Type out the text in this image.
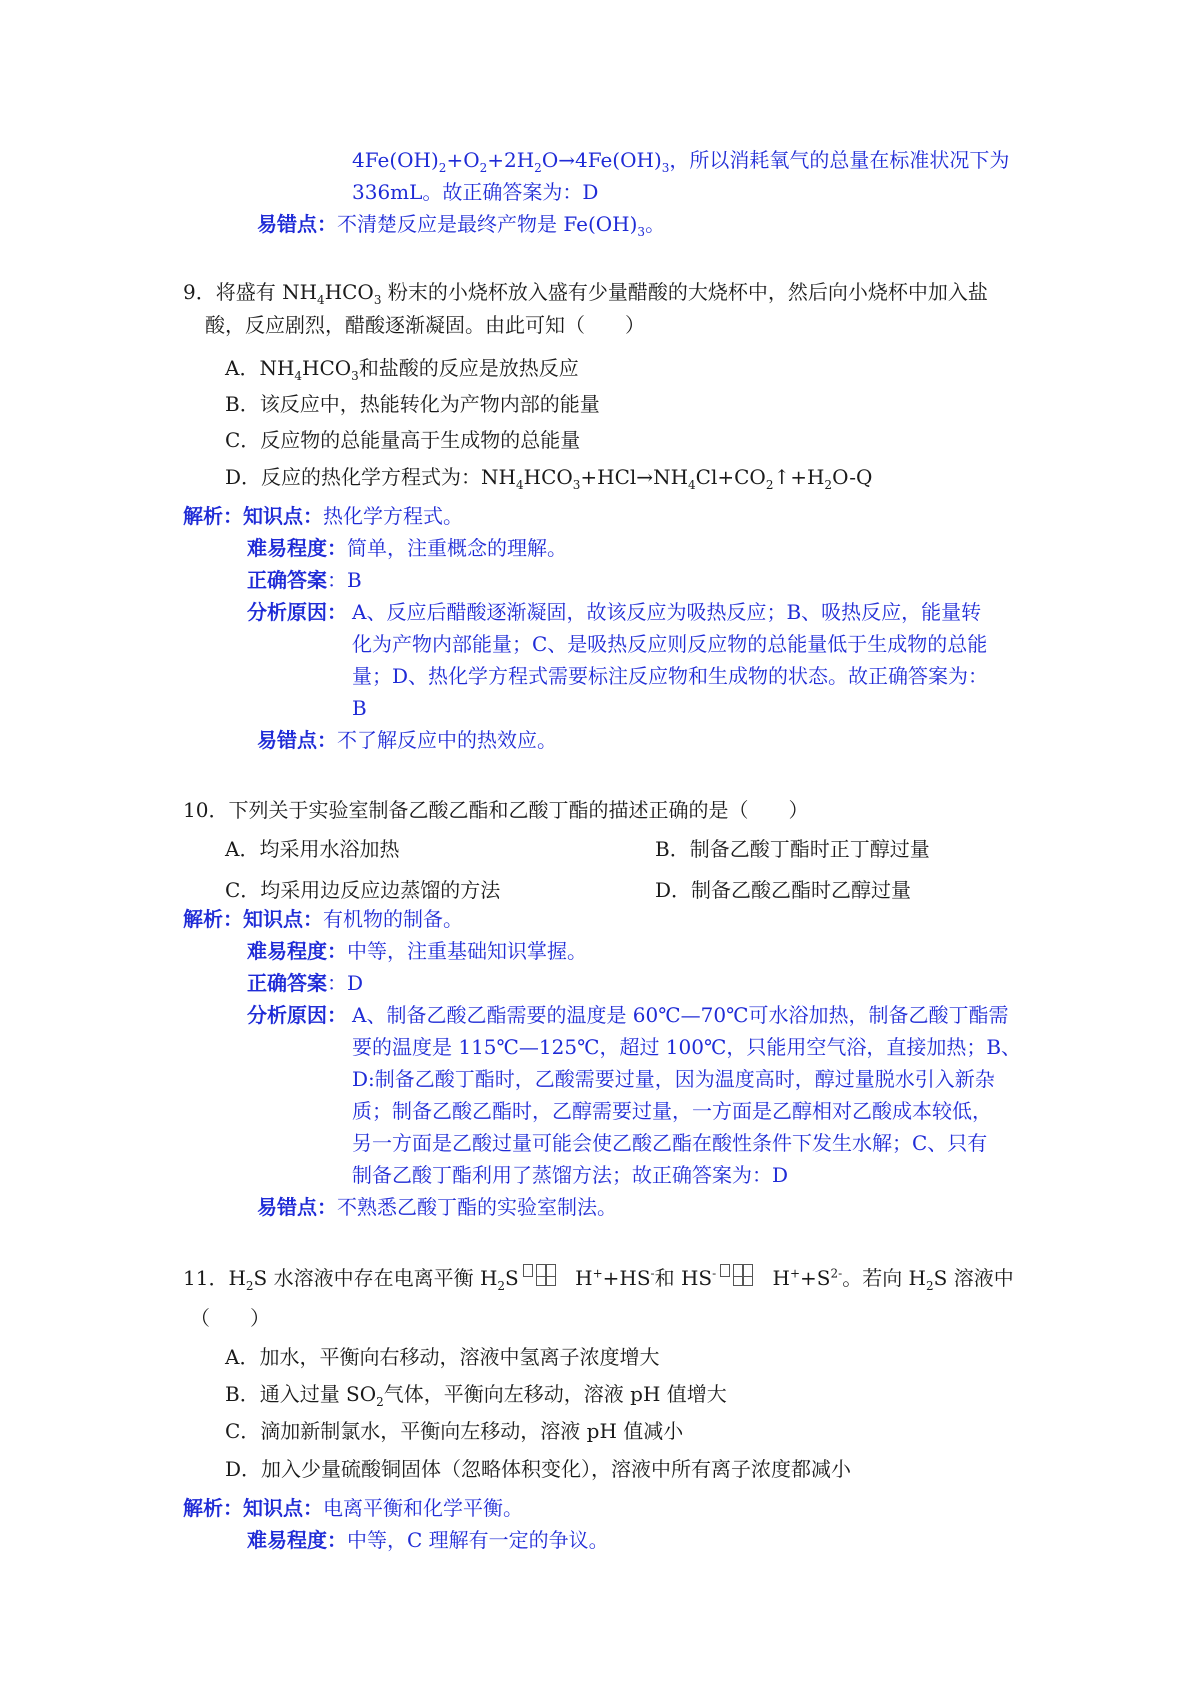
$4Fe(OH)_2+O_2+2H_2O\to 4Fe(OH)_3$，所以消耗氧气的总量在标准状况下为
336mL。故正确答案为：D
易错点：不清楚反应是最终产物是 $Fe(OH)_3$。
9．将盛有 $NH_4HCO_3$ 粉末的小烧杯放入盛有少量醋酸的大烧杯中，然后向小烧杯中加入盐
酸，反应剧烈，醋酸逐渐凝固。由此可知（　　）
A．$NH_4HCO_3$和盐酸的反应是放热反应
B．该反应中，热能转化为产物内部的能量
C．反应物的总能量高于生成物的总能量
D．反应的热化学方程式为：$NH_4HCO_3+HCl\to NH_4Cl+CO_2↑+H_2O-Q$
解析：知识点：热化学方程式。
难易程度：简单，注重概念的理解。
正确答案：B
分析原因： A、反应后醋酸逐渐凝固，故该反应为吸热反应；B、吸热反应，能量转
化为产物内部能量；C、是吸热反应则反应物的总能量低于生成物的总能
量；D、热化学方程式需要标注反应物和生成物的状态。故正确答案为：
B
易错点：不了解反应中的热效应。
10．下列关于实验室制备乙酸乙酯和乙酸丁酯的描述正确的是（　　）
A．均采用水浴加热	B．制备乙酸丁酯时正丁醇过量
C．均采用边反应边蒸馏的方法	D．制备乙酸乙酯时乙醇过量
解析：知识点：有机物的制备。
难易程度：中等，注重基础知识掌握。
正确答案：D
分析原因： A、制备乙酸乙酯需要的温度是 60℃—70℃可水浴加热，制备乙酸丁酯需
要的温度是 115℃—125℃，超过 100℃，只能用空气浴，直接加热；B、
D:制备乙酸丁酯时，乙酸需要过量，因为温度高时，醇过量脱水引入新杂
质；制备乙酸乙酯时，乙醇需要过量，一方面是乙醇相对乙酸成本较低，
另一方面是乙酸过量可能会使乙酸乙酯在酸性条件下发生水解；C、只有
制备乙酸丁酯利用了蒸馏方法；故正确答案为：D
易错点：不熟悉乙酸丁酯的实验室制法。
11．$H_2S$ 水溶液中存在电离平衡 $H_2S$	H++HS-和 HS-	$H^++S^{2-}$。若向 $H_2S$ 溶液中
（　　）
A．加水，平衡向右移动，溶液中氢离子浓度增大
B．通入过量 $SO_2$气体，平衡向左移动，溶液 pH 值增大
C．滴加新制氯水，平衡向左移动，溶液 pH 值减小
D．加入少量硫酸铜固体（忽略体积变化），溶液中所有离子浓度都减小
解析：知识点：电离平衡和化学平衡。
难易程度：中等，C 理解有一定的争议。
